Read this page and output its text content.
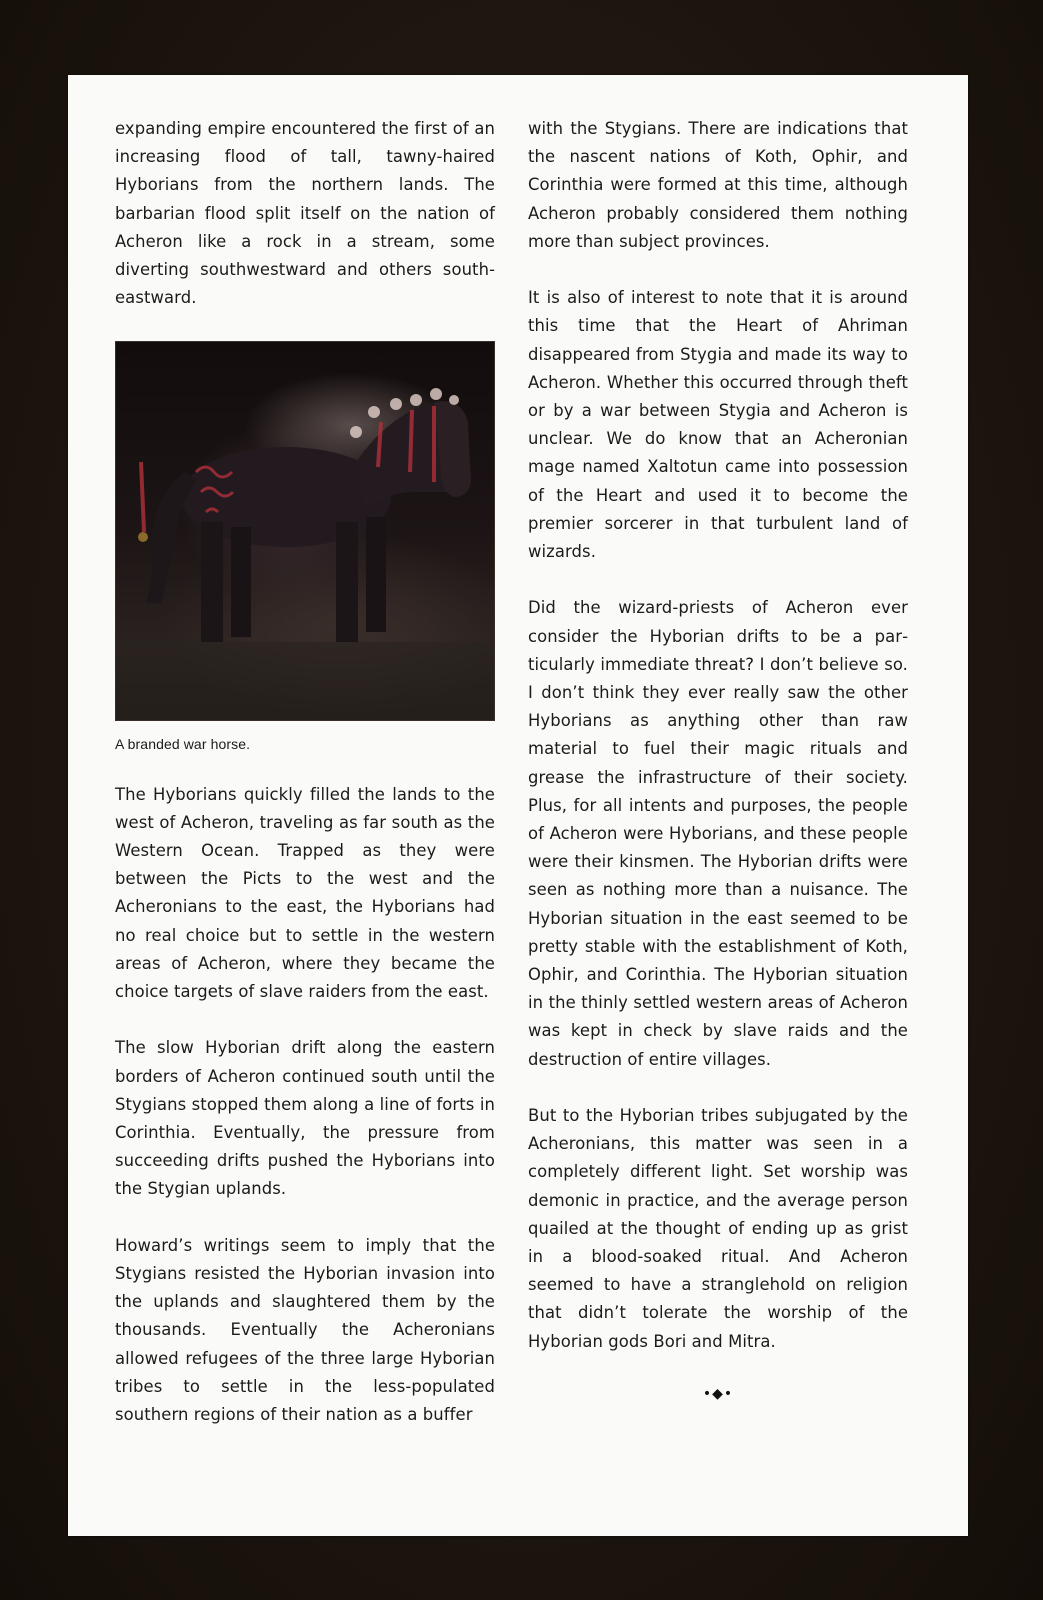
expanding empire encountered the first of an increasing flood of tall, tawny-haired Hyborians from the northern lands. The barbarian flood split itself on the nation of Acheron like a rock in a stream, some diverting southwestward and others southeastward.

A branded war horse.

The Hyborians quickly filled the lands to the west of Acheron, traveling as far south as the Western Ocean. Trapped as they were between the Picts to the west and the Acheronians to the east, the Hyborians had no real choice but to settle in the western areas of Acheron, where they became the choice targets of slave raiders from the east.

The slow Hyborian drift along the eastern borders of Acheron continued south until the Stygians stopped them along a line of forts in Corinthia. Eventually, the pressure from succeeding drifts pushed the Hyborians into the Stygian uplands.

Howard’s writings seem to imply that the Stygians resisted the Hyborian invasion into the uplands and slaughtered them by the thousands. Eventually the Acheronians allowed refugees of the three large Hyborian tribes to settle in the less-populated southern regions of their nation as a buffer

with the Stygians. There are indications that the nascent nations of Koth, Ophir, and Corinthia were formed at this time, although Acheron probably considered them nothing more than subject provinces.

It is also of interest to note that it is around this time that the Heart of Ahriman disappeared from Stygia and made its way to Acheron. Whether this occurred through theft or by a war between Stygia and Acheron is unclear. We do know that an Acheronian mage named Xaltotun came into possession of the Heart and used it to become the premier sorcerer in that turbulent land of wizards.

Did the wizard-priests of Acheron ever consider the Hyborian drifts to be a particularly immediate threat? I don’t believe so. I don’t think they ever really saw the other Hyborians as anything other than raw material to fuel their magic rituals and grease the infrastructure of their society. Plus, for all intents and purposes, the people of Acheron were Hyborians, and these people were their kinsmen. The Hyborian drifts were seen as nothing more than a nuisance. The Hyborian situation in the east seemed to be pretty stable with the establishment of Koth, Ophir, and Corinthia. The Hyborian situation in the thinly settled western areas of Acheron was kept in check by slave raids and the destruction of entire villages.

But to the Hyborian tribes subjugated by the Acheronians, this matter was seen in a completely different light. Set worship was demonic in practice, and the average person quailed at the thought of ending up as grist in a blood-soaked ritual. And Acheron seemed to have a stranglehold on religion that didn’t tolerate the worship of the Hyborian gods Bori and Mitra.

•◆•
